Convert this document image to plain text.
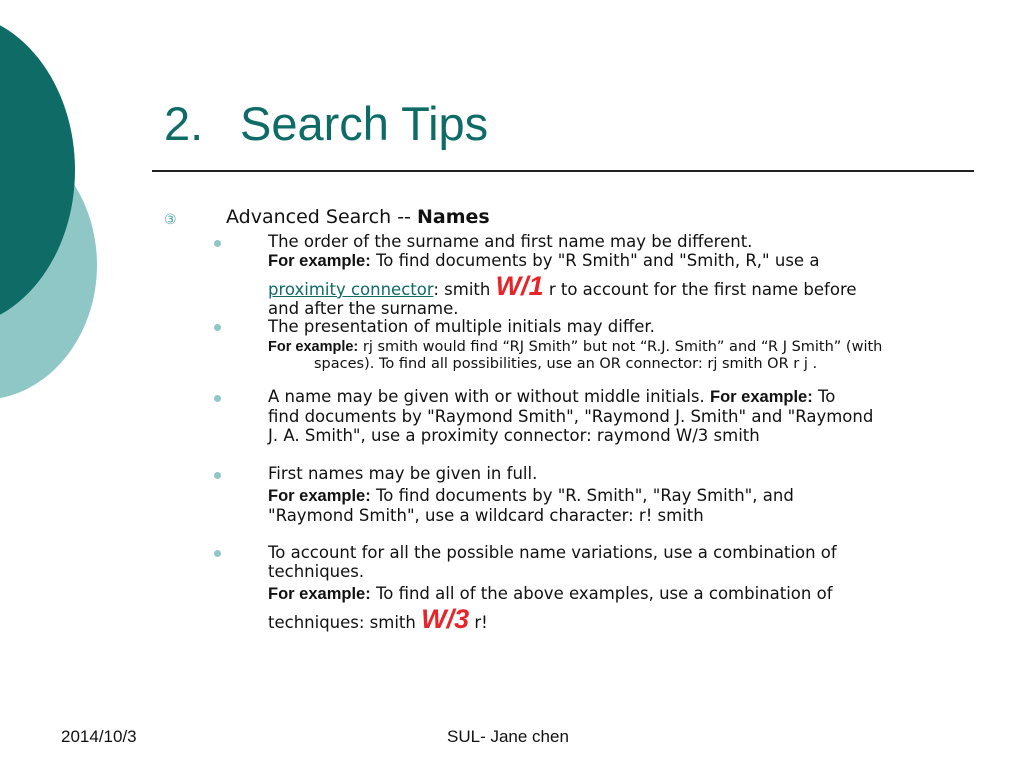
2. Search Tips
③	Advanced Search -- Names
The order of the surname and first name may be different.
For example: To find documents by "R Smith" and "Smith, R," use a
proximity connector: smith W/1 r to account for the first name before
and after the surname.
The presentation of multiple initials may differ.
For example: rj smith would find “RJ Smith” but not “R.J. Smith” and “R J Smith” (with
spaces). To find all possibilities, use an OR connector: rj smith OR r j .
A name may be given with or without middle initials. For example: To
find documents by "Raymond Smith", "Raymond J. Smith" and "Raymond
J. A. Smith", use a proximity connector: raymond W/3 smith
First names may be given in full.
For example: To find documents by "R. Smith", "Ray Smith", and
"Raymond Smith", use a wildcard character: r! smith
To account for all the possible name variations, use a combination of
techniques.
For example: To find all of the above examples, use a combination of
techniques: smith W/3 r!
2014/10/3	SUL- Jane chen
